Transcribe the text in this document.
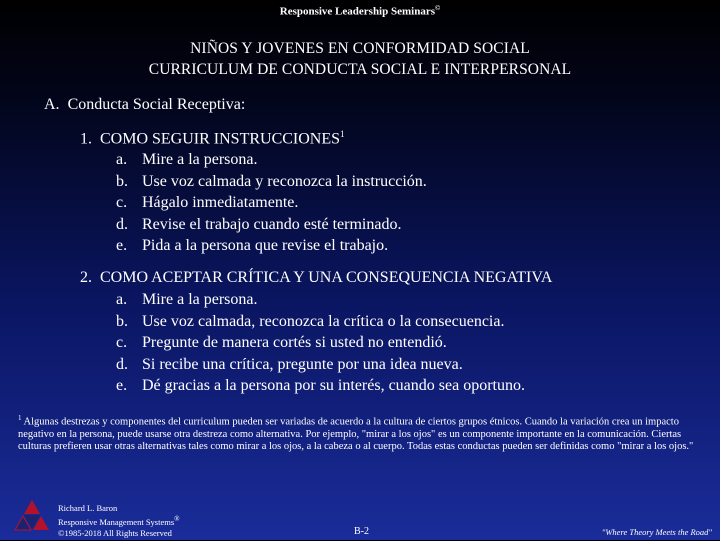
Responsive Leadership Seminars©
NIÑOS Y JOVENES EN CONFORMIDAD SOCIAL
CURRICULUM DE CONDUCTA SOCIAL E INTERPERSONAL
A. Conducta Social Receptiva:
1. COMO SEGUIR INSTRUCCIONES$^1$
a. Mire a la persona.
b. Use voz calmada y reconozca la instrucción.
c. Hágalo inmediatamente.
d. Revise el trabajo cuando esté terminado.
e. Pida a la persona que revise el trabajo.
2. COMO ACEPTAR CRÍTICA Y UNA CONSEQUENCIA NEGATIVA
a. Mire a la persona.
b. Use voz calmada, reconozca la crítica o la consecuencia.
c. Pregunte de manera cortés si usted no entendió.
d. Si recibe una crítica, pregunte por una idea nueva.
e. Dé gracias a la persona por su interés, cuando sea oportuno.
$^1$ Algunas destrezas y componentes del curriculum pueden ser variadas de acuerdo a la cultura de ciertos grupos étnicos. Cuando la variación crea un impacto negativo en la persona, puede usarse otra destreza como alternativa. Por ejemplo, "mirar a los ojos" es un componente importante en la comunicación. Ciertas culturas prefieren usar otras alternativas tales como mirar a los ojos, a la cabeza o al cuerpo. Todas estas conductas pueden ser definidas como "mirar a los ojos."
Richard L. Baron
Responsive Management Systems®
©1985-2018 All Rights Reserved	B-2	"Where Theory Meets the Road"
